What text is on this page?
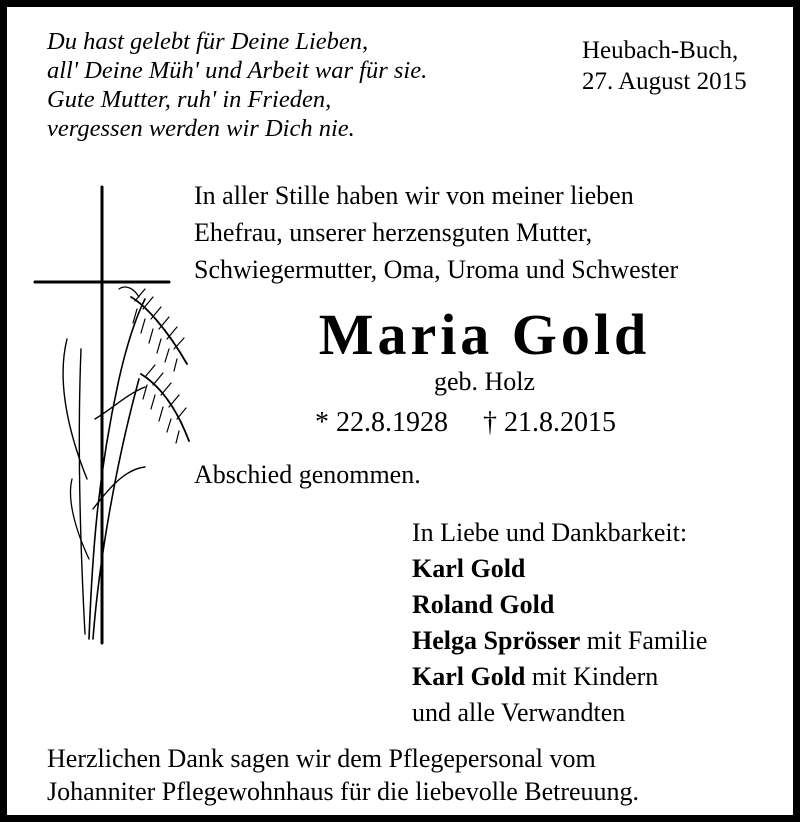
Du hast gelebt für Deine Lieben,
all' Deine Müh' und Arbeit war für sie.
Gute Mutter, ruh' in Frieden,
vergessen werden wir Dich nie.
Heubach-Buch,
27. August 2015
In aller Stille haben wir von meiner lieben
Ehefrau, unserer herzensguten Mutter,
Schwiegermutter, Oma, Uroma und Schwester
Maria Gold
geb. Holz
* 22.8.1928 † 21.8.2015
Abschied genommen.
In Liebe und Dankbarkeit:
Karl Gold
Roland Gold
Helga Sprösser mit Familie
Karl Gold mit Kindern
und alle Verwandten
Herzlichen Dank sagen wir dem Pflegepersonal vom
Johanniter Pflegewohnhaus für die liebevolle Betreuung.
